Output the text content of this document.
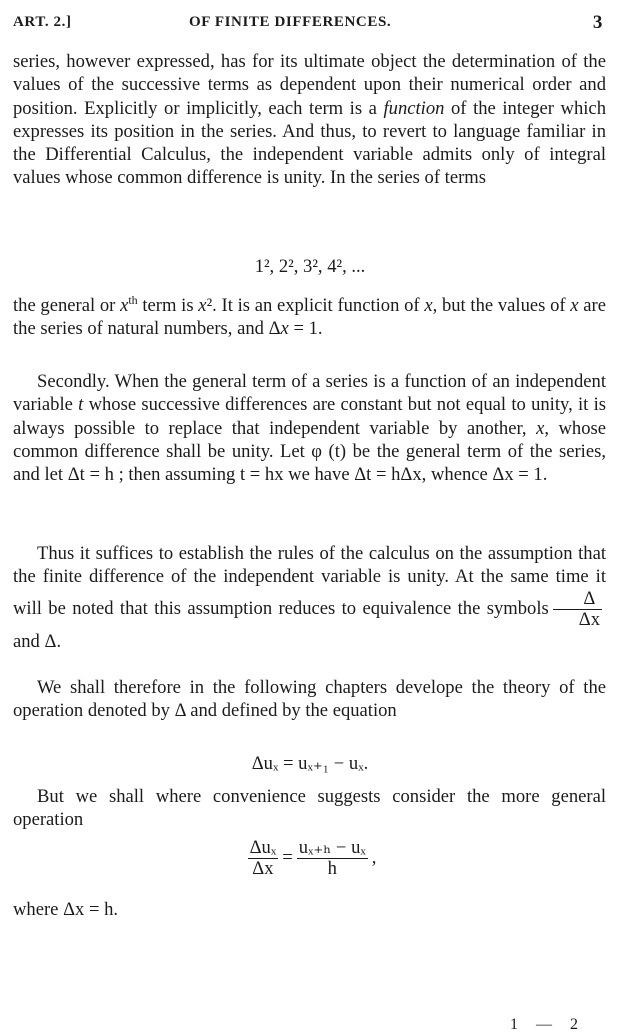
ART. 2.]	OF FINITE DIFFERENCES.	3

series, however expressed, has for its ultimate object the determination of the values of the successive terms as dependent upon their numerical order and position. Explicitly or implicitly, each term is a function of the integer which expresses its position in the series. And thus, to revert to language familiar in the Differential Calculus, the independent variable admits only of integral values whose common difference is unity. In the series of terms

1², 2², 3², 4², ...

the general or $x^{th}$ term is x². It is an explicit function of x, but the values of x are the series of natural numbers, and Δx = 1.

Secondly. When the general term of a series is a function of an independent variable t whose successive differences are constant but not equal to unity, it is always possible to replace that independent variable by another, x, whose common difference shall be unity. Let φ (t) be the general term of the series, and let Δt = h ; then assuming t = hx we have Δt = hΔx, whence Δx = 1.

Thus it suffices to establish the rules of the calculus on the assumption that the finite difference of the independent variable is unity. At the same time it will be noted that this assumption reduces to equivalence the symbols $\frac{\Delta}{\Delta x}$
and Δ.

We shall therefore in the following chapters develope the theory of the operation denoted by Δ and defined by the equation

Δuₓ = uₓ₊₁ − uₓ.

But we shall where convenience suggests consider the more general operation

$\frac{\text{Δuₓ}}{\Delta x} = \frac{\text{uₓ₊ₕ − uₓ}}{h}$ ,

where Δx = h.

1—2
